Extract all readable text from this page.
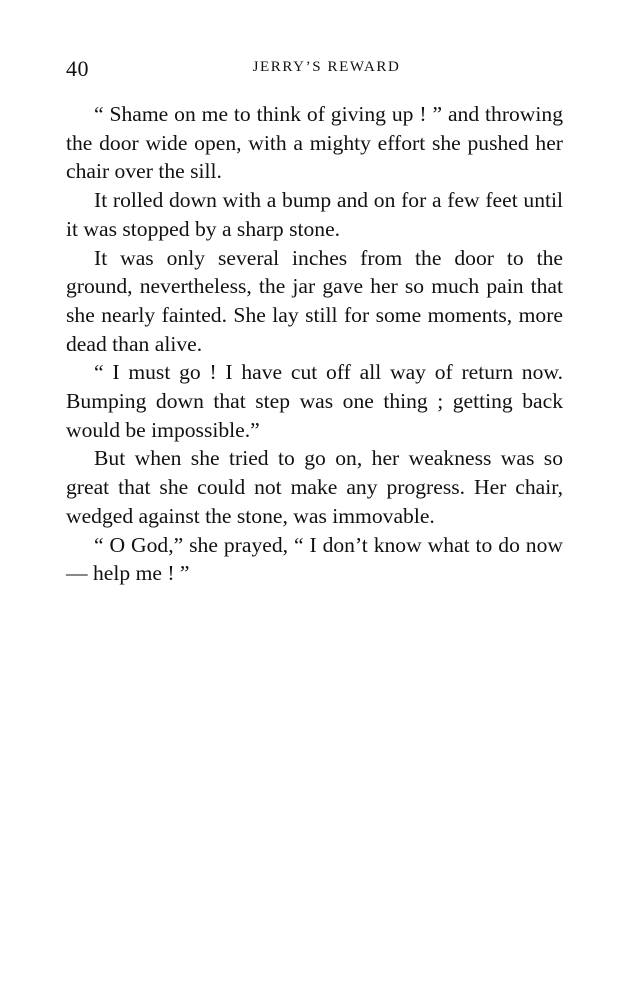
40	JERRY’S REWARD

“ Shame on me to think of giving up ! ” and throwing the door wide open, with a mighty effort she pushed her chair over the sill.

It rolled down with a bump and on for a few feet until it was stopped by a sharp stone.

It was only several inches from the door to the ground, nevertheless, the jar gave her so much pain that she nearly fainted. She lay still for some moments, more dead than alive.

“ I must go ! I have cut off all way of return now. Bumping down that step was one thing ; getting back would be impossible.”

But when she tried to go on, her weakness was so great that she could not make any progress. Her chair, wedged against the stone, was immovable.

“ O God,” she prayed, “ I don’t know what to do now — help me ! ”
